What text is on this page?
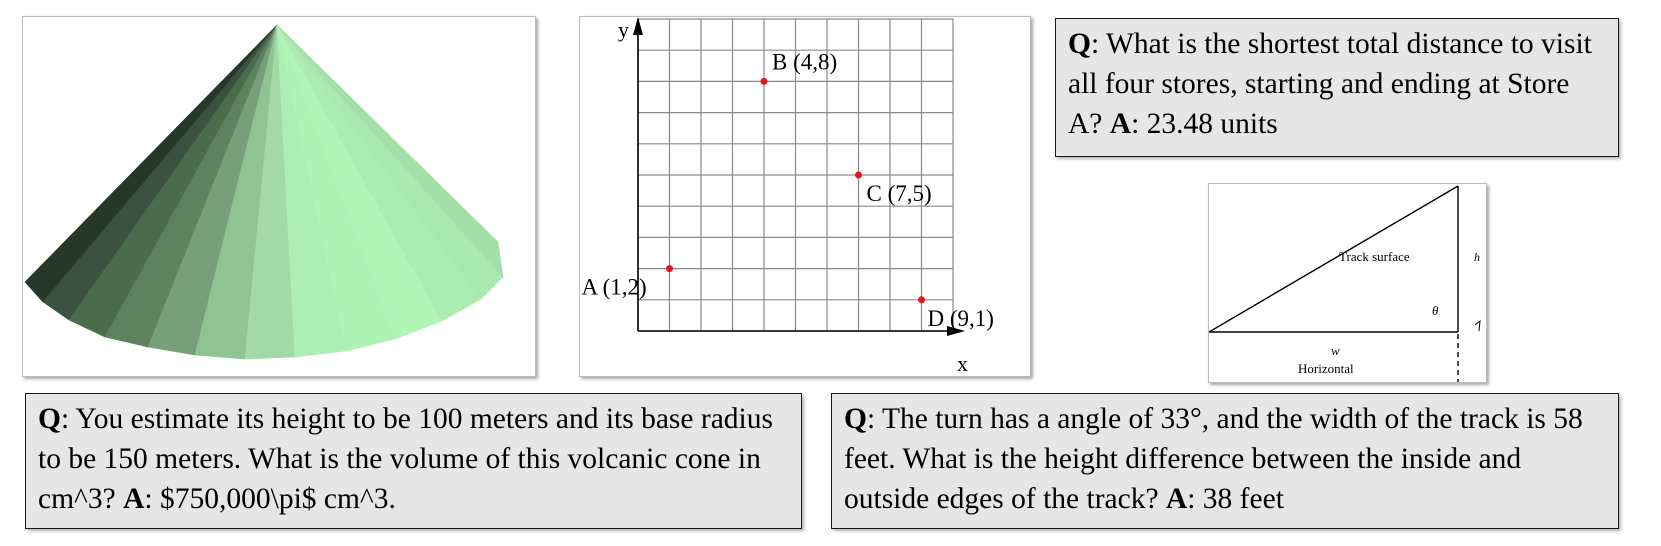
A (1,2)
B (4,8)
C (7,5)
D (9,1)
y
x
Q: What is the shortest total distance to visit all four stores, starting and ending at Store A? A: 23.48 units
Track surface	h
θ
w
Horizontal
Q: You estimate its height to be 100 meters and its base radius to be 150 meters. What is the volume of this volcanic cone in cm^3? A: $750,000\pi$ cm^3.
Q: The turn has a angle of 33°, and the width of the track is 58 feet. What is the height difference between the inside and outside edges of the track? A: 38 feet
